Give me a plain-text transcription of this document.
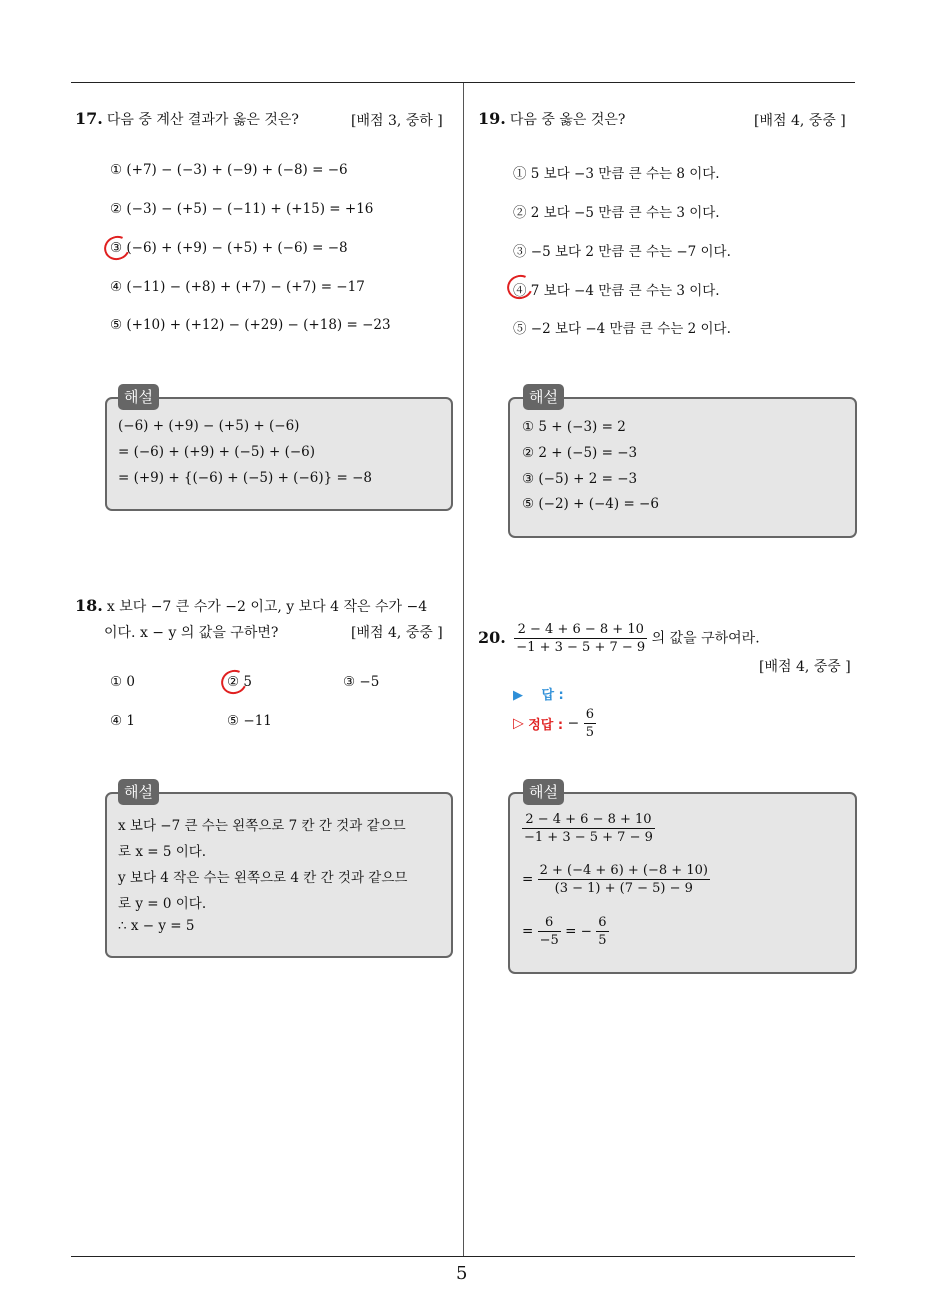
5
17. 다음 중 계산 결과가 옳은 것은?	[배점 3, 중하 ]
① (+7) − (−3) + (−9) + (−8) = −6
② (−3) − (+5) − (−11) + (+15) = +16
③ (−6) + (+9) − (+5) + (−6) = −8
④ (−11) − (+8) + (+7) − (+7) = −17
⑤ (+10) + (+12) − (+29) − (+18) = −23
해설
(−6) + (+9) − (+5) + (−6)
= (−6) + (+9) + (−5) + (−6)
= (+9) + {(−6) + (−5) + (−6)} = −8
18. x 보다 −7 큰 수가 −2 이고, y 보다 4 작은 수가 −4
이다. x − y 의 값을 구하면?	[배점 4, 중중 ]
① 0	② 5	③ −5
④ 1	⑤ −11
해설
x 보다 −7 큰 수는 왼쪽으로 7 칸 간 것과 같으므
로 x = 5 이다.
y 보다 4 작은 수는 왼쪽으로 4 칸 간 것과 같으므
로 y = 0 이다.
∴ x − y = 5
19. 다음 중 옳은 것은?	[배점 4, 중중 ]
① 5 보다 −3 만큼 큰 수는 8 이다.
② 2 보다 −5 만큼 큰 수는 3 이다.
③ −5 보다 2 만큼 큰 수는 −7 이다.
④ 7 보다 −4 만큼 큰 수는 3 이다.
⑤ −2 보다 −4 만큼 큰 수는 2 이다.
해설
① 5 + (−3) = 2
② 2 + (−5) = −3
③ (−5) + 2 = −3
⑤ (−2) + (−4) = −6
20. $\frac{2 - 4 + 6 - 8 + 10}{-1 + 3 - 5 + 7 - 9}$ 의 값을 구하여라.
[배점 4, 중중 ]
▶ 답 :
▷ 정답 : − $\frac{6}{5}$
해설
$\frac{2 - 4 + 6 - 8 + 10}{-1 + 3 - 5 + 7 - 9}$
= $\frac{2 + (-4 + 6) + (-8 + 10)}{(3 - 1) + (7 - 5) - 9}$
= $\frac{6}{-5}$ = − $\frac{6}{5}$
